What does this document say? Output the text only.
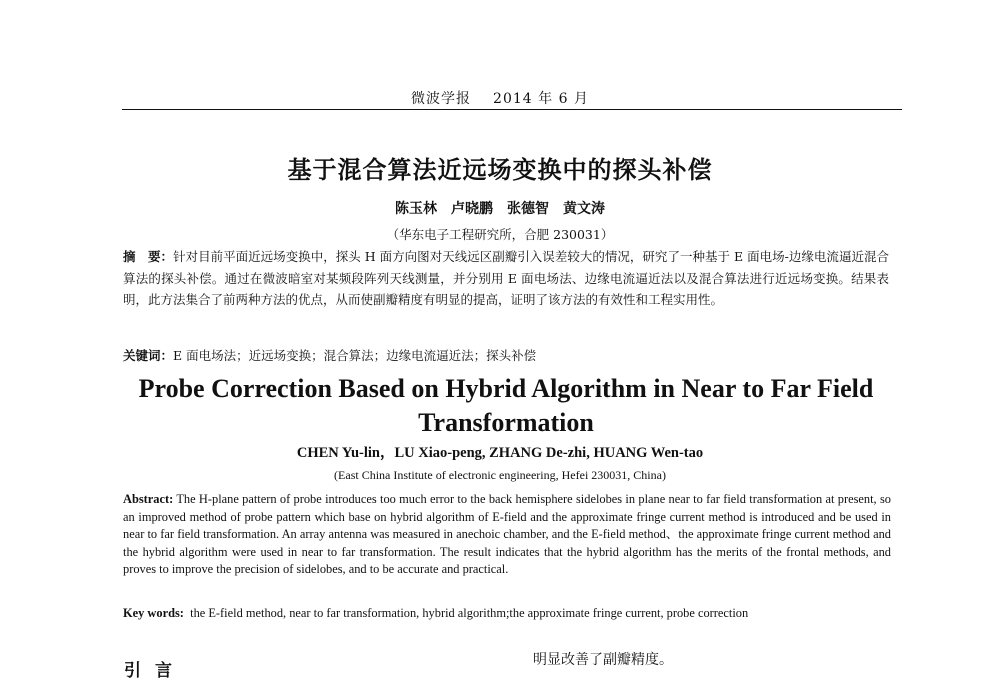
微波学报 2014 年 6 月
基于混合算法近远场变换中的探头补偿
陈玉林　卢晓鹏　张德智　黄文涛
（华东电子工程研究所，合肥 230031）
摘　要：针对目前平面近远场变换中，探头 H 面方向图对天线远区副瓣引入误差较大的情况，研究了一种基于 E 面电场-边缘电流逼近混合算法的探头补偿。通过在微波暗室对某频段阵列天线测量，并分别用 E 面电场法、边缘电流逼近法以及混合算法进行近远场变换。结果表明，此方法集合了前两种方法的优点，从而使副瓣精度有明显的提高，证明了该方法的有效性和工程实用性。
关键词：E 面电场法；近远场变换；混合算法；边缘电流逼近法；探头补偿
Probe Correction Based on Hybrid Algorithm in Near to Far Field Transformation
CHEN Yu-lin，LU Xiao-peng, ZHANG De-zhi, HUANG Wen-tao
(East China Institute of electronic engineering, Hefei 230031, China)
Abstract: The H-plane pattern of probe introduces too much error to the back hemisphere sidelobes in plane near to far field transformation at present, so an improved method of probe pattern which base on hybrid algorithm of E-field and the approximate fringe current method is introduced and be used in near to far field transformation. An array antenna was measured in anechoic chamber, and the E-field method、the approximate fringe current method and the hybrid algorithm were used in near to far transformation. The result indicates that the hybrid algorithm has the merits of the frontal methods, and proves to improve the precision of sidelobes, and to be accurate and practical.
Key words: the E-field method, near to far transformation, hybrid algorithm;the approximate fringe current, probe correction
引言
明显改善了副瓣精度。
